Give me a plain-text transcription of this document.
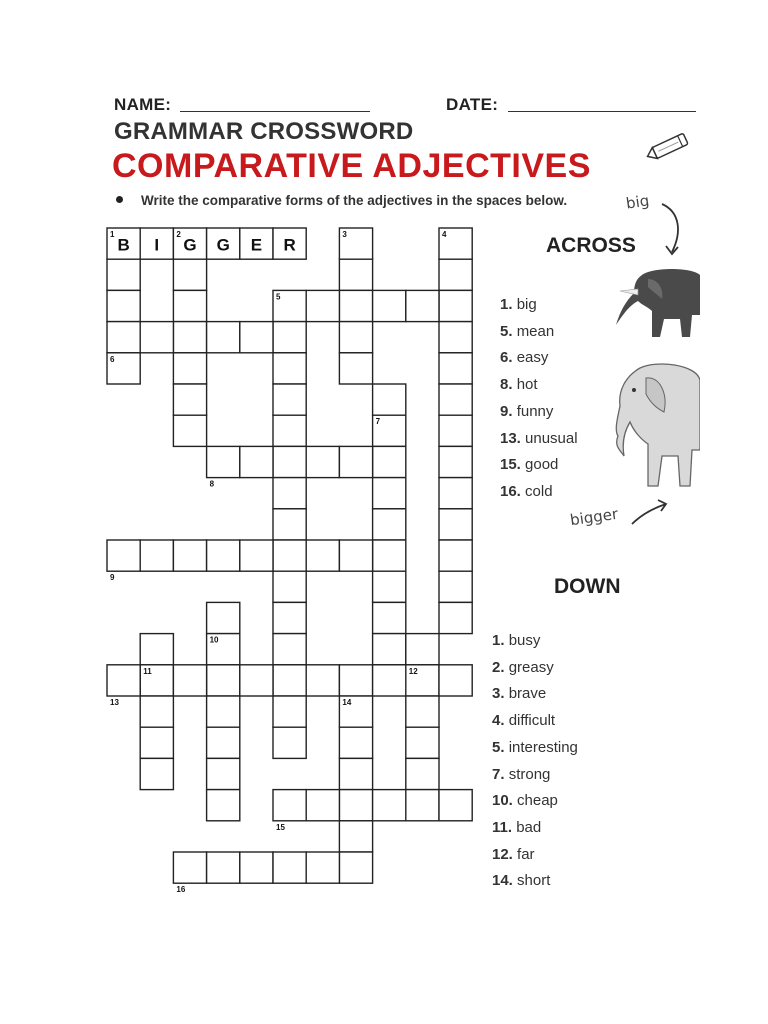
NAME:	DATE:
GRAMMAR CROSSWORD
COMPARATIVE ADJECTIVES
Write the comparative forms of the adjectives in the spaces below.
B I G G E R
1	2	3	4
5
6
7
8
9
10
11	12
13	14
15
16
ACROSS
1. big
5. mean
6. easy
8. hot
9. funny
13. unusual
15. good
16. cold
DOWN
1. busy
2. greasy
3. brave
4. difficult
5. interesting
7. strong
10. cheap
11. bad
12. far
14. short
big
bigger
